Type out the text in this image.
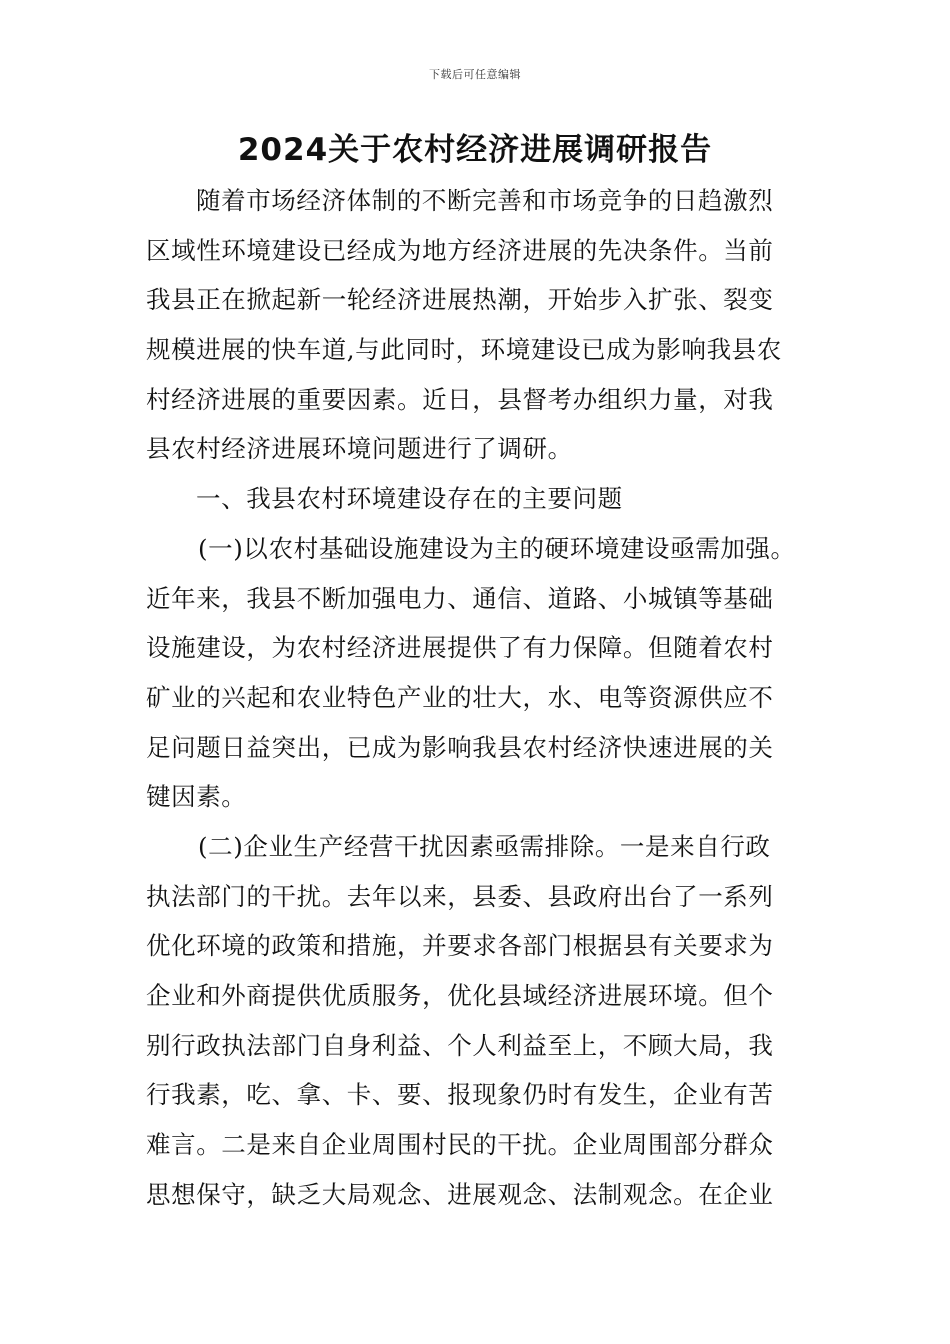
下载后可任意编辑
2024关于农村经济进展调研报告
随着市场经济体制的不断完善和市场竞争的日趋激烈
区域性环境建设已经成为地方经济进展的先决条件。当前
我县正在掀起新一轮经济进展热潮，开始步入扩张、裂变
规模进展的快车道,与此同时，环境建设已成为影响我县农
村经济进展的重要因素。近日，县督考办组织力量，对我
县农村经济进展环境问题进行了调研。
一、我县农村环境建设存在的主要问题
(一)以农村基础设施建设为主的硬环境建设亟需加强。
近年来，我县不断加强电力、通信、道路、小城镇等基础
设施建设，为农村经济进展提供了有力保障。但随着农村
矿业的兴起和农业特色产业的壮大，水、电等资源供应不
足问题日益突出，已成为影响我县农村经济快速进展的关
键因素。
(二)企业生产经营干扰因素亟需排除。一是来自行政
执法部门的干扰。去年以来，县委、县政府出台了一系列
优化环境的政策和措施，并要求各部门根据县有关要求为
企业和外商提供优质服务，优化县域经济进展环境。但个
别行政执法部门自身利益、个人利益至上，不顾大局，我
行我素，吃、拿、卡、要、报现象仍时有发生，企业有苦
难言。二是来自企业周围村民的干扰。企业周围部分群众
思想保守，缺乏大局观念、进展观念、法制观念。在企业
